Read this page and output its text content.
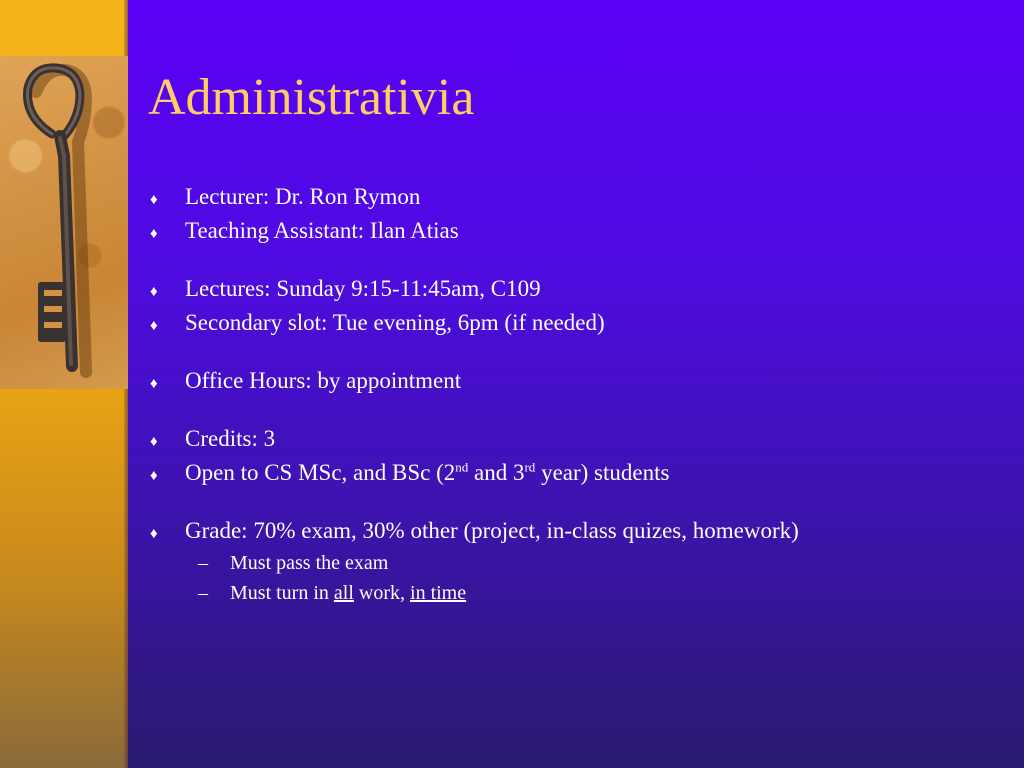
Administrativia
♦	Lecturer: Dr. Ron Rymon
♦	Teaching Assistant: Ilan Atias
♦	Lectures: Sunday 9:15-11:45am, C109
♦	Secondary slot: Tue evening, 6pm (if needed)
♦	Office Hours: by appointment
♦	Credits: 3
♦	Open to CS MSc, and BSc (2nd and 3rd year) students
♦	Grade: 70% exam, 30% other (project, in-class quizes, homework)
–	Must pass the exam
–	Must turn in all work, in time
